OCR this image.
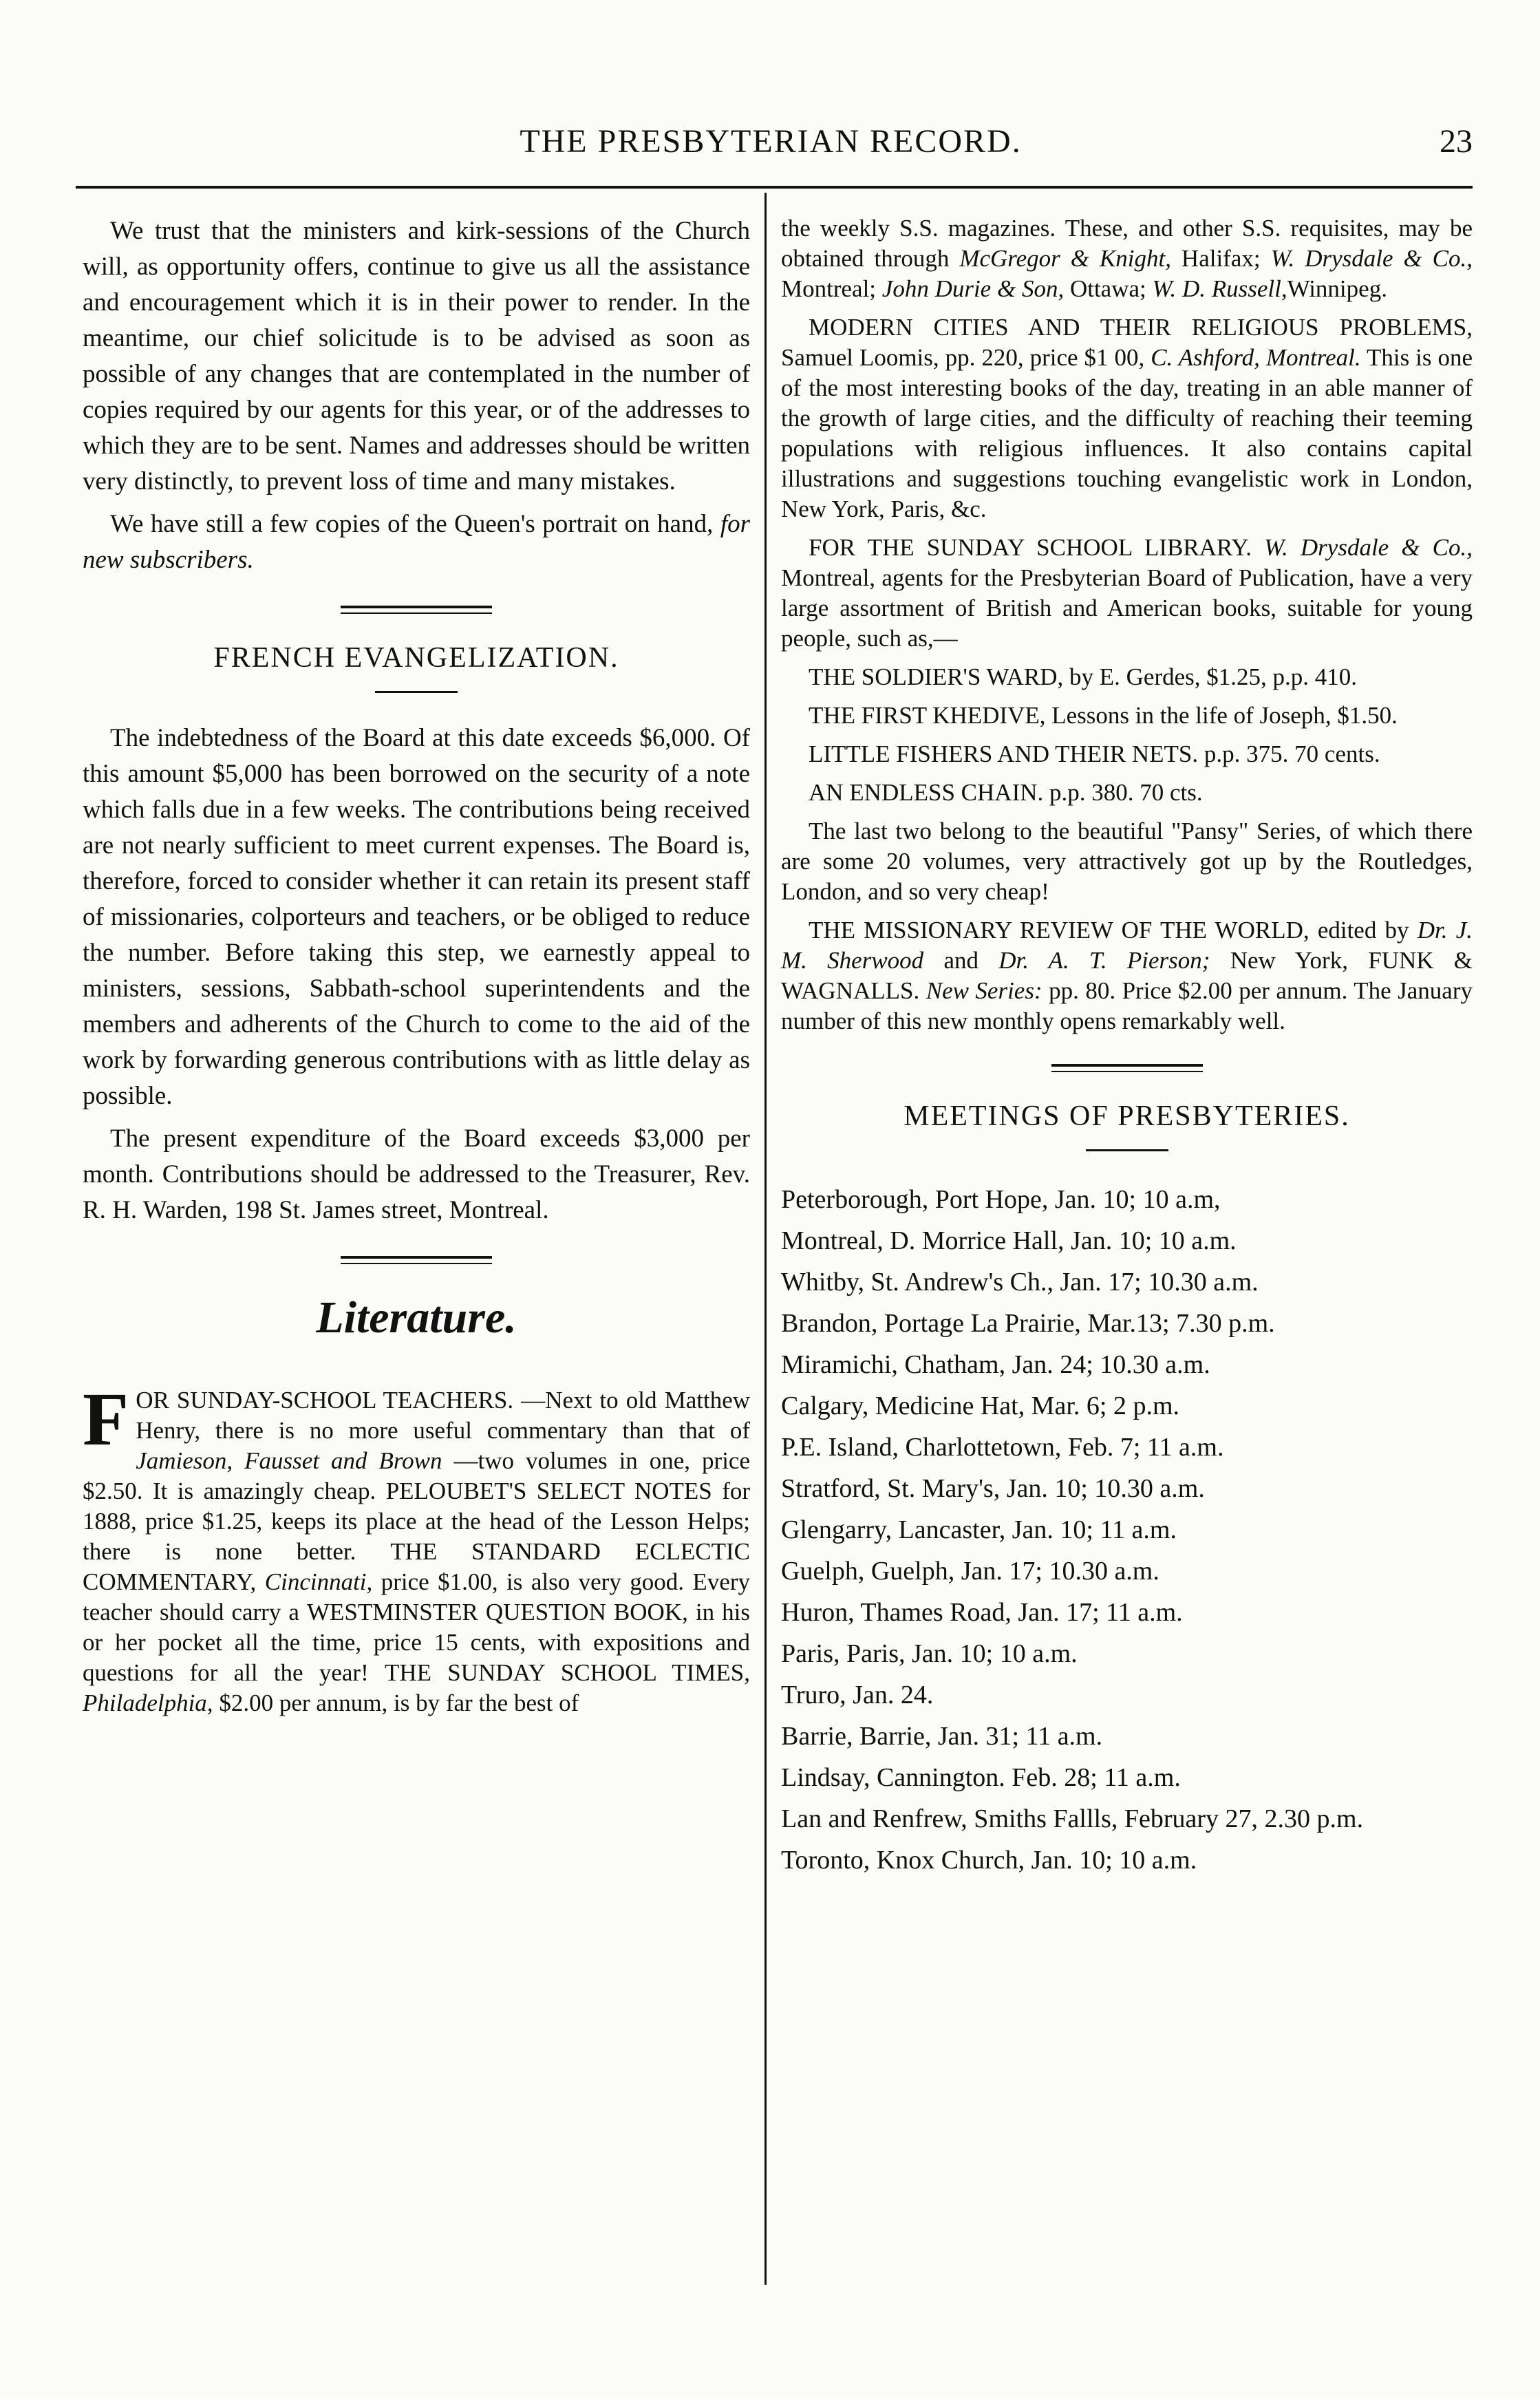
THE PRESBYTERIAN RECORD.	23

We trust that the ministers and kirk-sessions of the Church will, as opportunity offers, continue to give us all the assistance and encouragement which it is in their power to render. In the meantime, our chief solicitude is to be advised as soon as possible of any changes that are contemplated in the number of copies required by our agents for this year, or of the addresses to which they are to be sent. Names and addresses should be written very distinctly, to prevent loss of time and many mistakes.

We have still a few copies of the Queen's portrait on hand, for new subscribers.

FRENCH EVANGELIZATION.

The indebtedness of the Board at this date exceeds $6,000. Of this amount $5,000 has been borrowed on the security of a note which falls due in a few weeks. The contributions being received are not nearly sufficient to meet current expenses. The Board is, therefore, forced to consider whether it can retain its present staff of missionaries, colporteurs and teachers, or be obliged to reduce the number. Before taking this step, we earnestly appeal to ministers, sessions, Sabbath-school superintendents and the members and adherents of the Church to come to the aid of the work by forwarding generous contributions with as little delay as possible.

The present expenditure of the Board exceeds $3,000 per month. Contributions should be addressed to the Treasurer, Rev. R. H. Warden, 198 St. James street, Montreal.

Literature.

F OR SUNDAY-SCHOOL TEACHERS. —Next to old Matthew Henry, there is no more useful commentary than that of Jamieson, Fausset and Brown —two volumes in one, price $2.50. It is amazingly cheap. PELOUBET'S SELECT NOTES for 1888, price $1.25, keeps its place at the head of the Lesson Helps; there is none better. THE STANDARD ECLECTIC COMMENTARY, Cincinnati, price $1.00, is also very good. Every teacher should carry a WESTMINSTER QUESTION BOOK, in his or her pocket all the time, price 15 cents, with expositions and questions for all the year! THE SUNDAY SCHOOL TIMES, Philadelphia, $2.00 per annum, is by far the best of

the weekly S.S. magazines. These, and other S.S. requisites, may be obtained through McGregor & Knight, Halifax; W. Drysdale & Co., Montreal; John Durie & Son, Ottawa; W. D. Russell,Winnipeg.

MODERN CITIES AND THEIR RELIGIOUS PROBLEMS, Samuel Loomis, pp. 220, price $1 00, C. Ashford, Montreal. This is one of the most interesting books of the day, treating in an able manner of the growth of large cities, and the difficulty of reaching their teeming populations with religious influences. It also contains capital illustrations and suggestions touching evangelistic work in London, New York, Paris, &c.

FOR THE SUNDAY SCHOOL LIBRARY. W. Drysdale & Co., Montreal, agents for the Presbyterian Board of Publication, have a very large assortment of British and American books, suitable for young people, such as,—

THE SOLDIER'S WARD, by E. Gerdes, $1.25, p.p. 410.

THE FIRST KHEDIVE, Lessons in the life of Joseph, $1.50.

LITTLE FISHERS AND THEIR NETS. p.p. 375. 70 cents.

AN ENDLESS CHAIN. p.p. 380. 70 cts.

The last two belong to the beautiful "Pansy" Series, of which there are some 20 volumes, very attractively got up by the Routledges, London, and so very cheap!

THE MISSIONARY REVIEW OF THE WORLD, edited by Dr. J. M. Sherwood and Dr. A. T. Pierson; New York, FUNK & WAGNALLS. New Series: pp. 80. Price $2.00 per annum. The January number of this new monthly opens remarkably well.

MEETINGS OF PRESBYTERIES.
Peterborough, Port Hope, Jan. 10; 10 a.m,
Montreal, D. Morrice Hall, Jan. 10; 10 a.m.
Whitby, St. Andrew's Ch., Jan. 17; 10.30 a.m.
Brandon, Portage La Prairie, Mar.13; 7.30 p.m.
Miramichi, Chatham, Jan. 24; 10.30 a.m.
Calgary, Medicine Hat, Mar. 6; 2 p.m.
P.E. Island, Charlottetown, Feb. 7; 11 a.m.
Stratford, St. Mary's, Jan. 10; 10.30 a.m.
Glengarry, Lancaster, Jan. 10; 11 a.m.
Guelph, Guelph, Jan. 17; 10.30 a.m.
Huron, Thames Road, Jan. 17; 11 a.m.
Paris, Paris, Jan. 10; 10 a.m.
Truro, Jan. 24.
Barrie, Barrie, Jan. 31; 11 a.m.
Lindsay, Cannington. Feb. 28; 11 a.m.
Lan and Renfrew, Smiths Fallls, February 27, 2.30 p.m.
Toronto, Knox Church, Jan. 10; 10 a.m.
